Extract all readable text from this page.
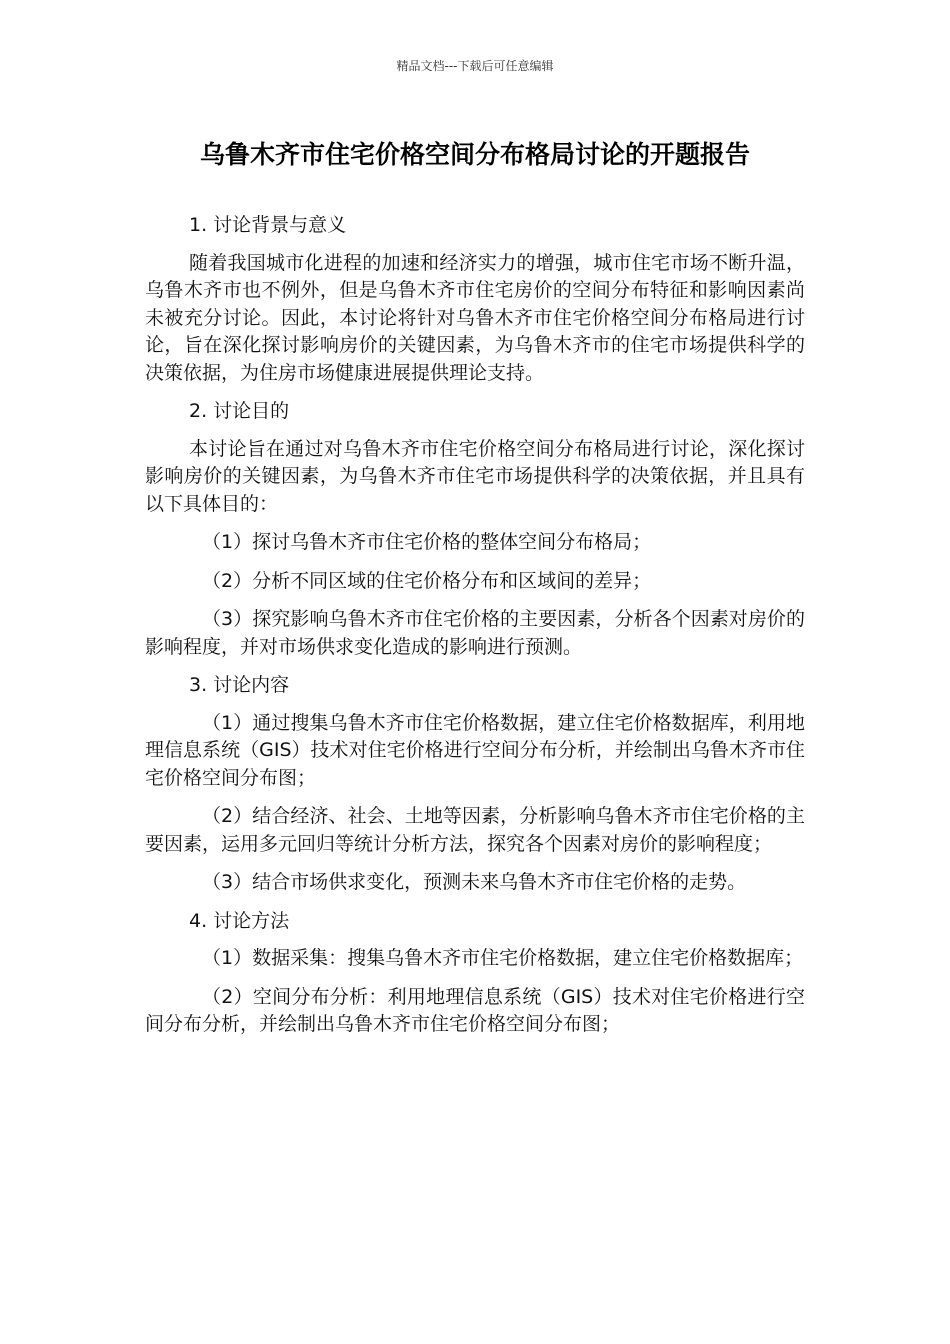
精品文档---下载后可任意编辑
乌鲁木齐市住宅价格空间分布格局讨论的开题报告

1. 讨论背景与意义

随着我国城市化进程的加速和经济实力的增强，城市住宅市场不断升温，乌鲁木齐市也不例外，但是乌鲁木齐市住宅房价的空间分布特征和影响因素尚未被充分讨论。因此，本讨论将针对乌鲁木齐市住宅价格空间分布格局进行讨论，旨在深化探讨影响房价的关键因素，为乌鲁木齐市的住宅市场提供科学的决策依据，为住房市场健康进展提供理论支持。

2. 讨论目的

本讨论旨在通过对乌鲁木齐市住宅价格空间分布格局进行讨论，深化探讨影响房价的关键因素，为乌鲁木齐市住宅市场提供科学的决策依据，并且具有以下具体目的：

（1）探讨乌鲁木齐市住宅价格的整体空间分布格局；

（2）分析不同区域的住宅价格分布和区域间的差异；

（3）探究影响乌鲁木齐市住宅价格的主要因素，分析各个因素对房价的影响程度，并对市场供求变化造成的影响进行预测。

3. 讨论内容

（1）通过搜集乌鲁木齐市住宅价格数据，建立住宅价格数据库，利用地理信息系统（GIS）技术对住宅价格进行空间分布分析，并绘制出乌鲁木齐市住宅价格空间分布图；

（2）结合经济、社会、土地等因素，分析影响乌鲁木齐市住宅价格的主要因素，运用多元回归等统计分析方法，探究各个因素对房价的影响程度；

（3）结合市场供求变化，预测未来乌鲁木齐市住宅价格的走势。

4. 讨论方法

（1）数据采集：搜集乌鲁木齐市住宅价格数据，建立住宅价格数据库；

（2）空间分布分析：利用地理信息系统（GIS）技术对住宅价格进行空间分布分析，并绘制出乌鲁木齐市住宅价格空间分布图；
